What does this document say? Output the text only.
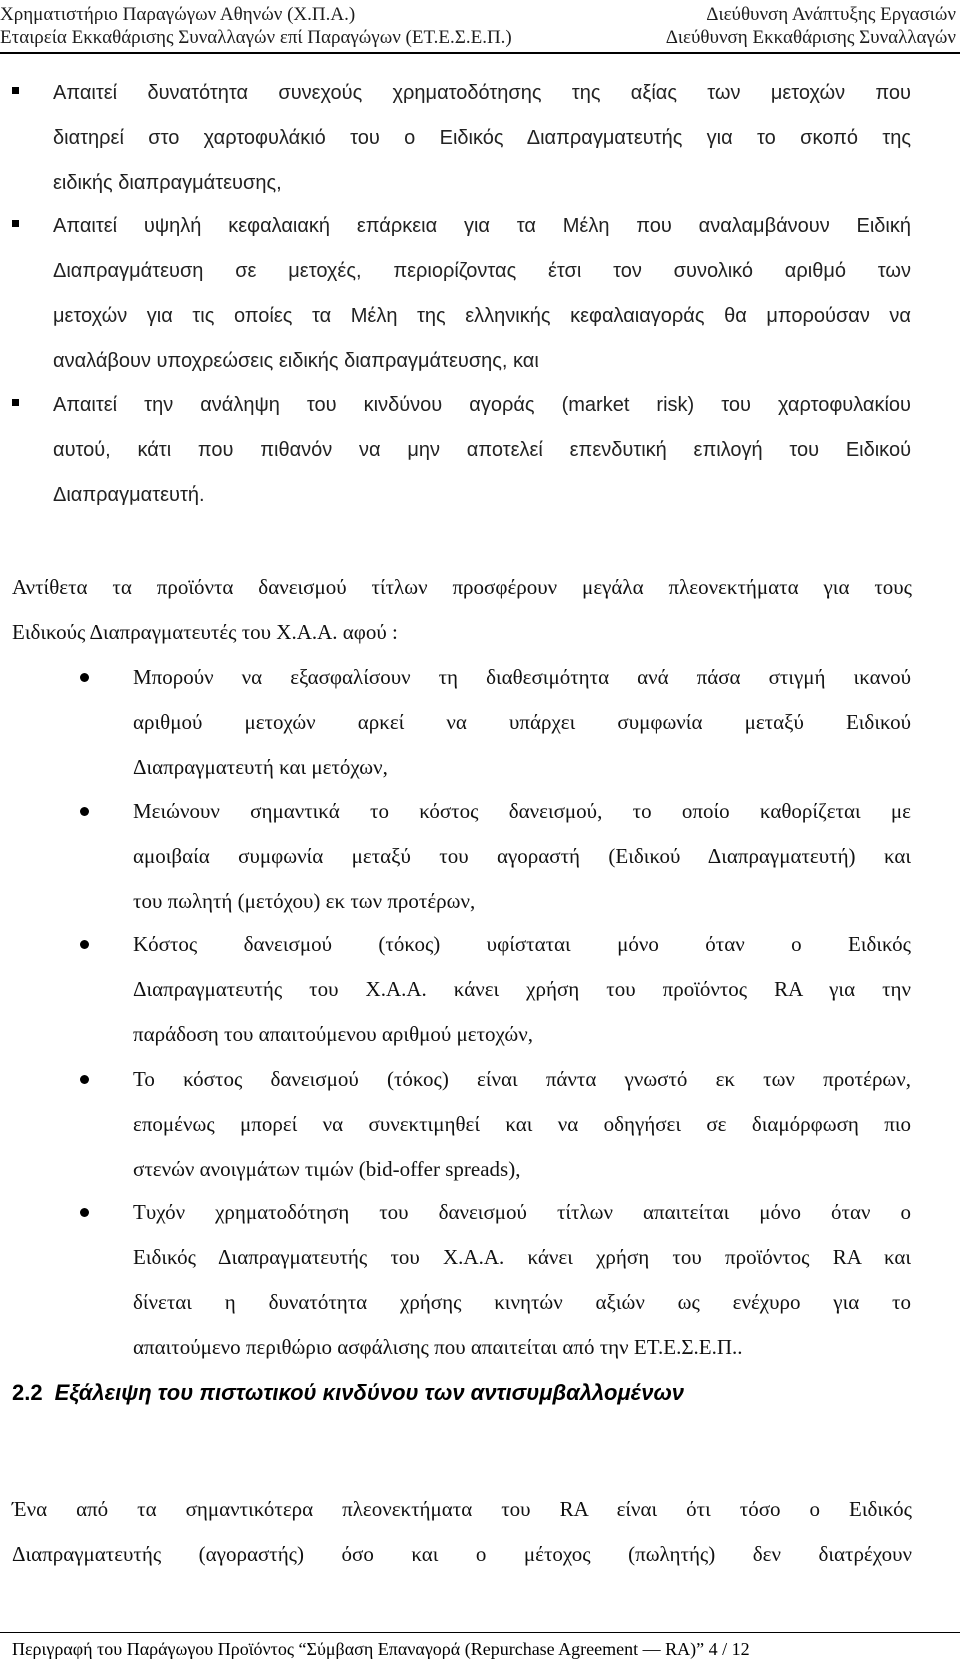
Χρηματιστήριο Παραγώγων Αθηνών (Χ.Π.Α.)	Διεύθυνση Ανάπτυξης Εργασιών
Εταιρεία Εκκαθάρισης Συναλλαγών επί Παραγώγων (ΕΤ.Ε.Σ.Ε.Π.)	Διεύθυνση Εκκαθάρισης Συναλλαγών
Απαιτεί δυνατότητα συνεχούς χρηματοδότησης της αξίας των μετοχών που
διατηρεί στο χαρτοφυλάκιό του ο Ειδικός Διαπραγματευτής για το σκοπό της
ειδικής διαπραγμάτευσης,
Απαιτεί υψηλή κεφαλαιακή επάρκεια για τα Μέλη που αναλαμβάνουν Ειδική
Διαπραγμάτευση σε μετοχές, περιορίζοντας έτσι τον συνολικό αριθμό των
μετοχών για τις οποίες τα Μέλη της ελληνικής κεφαλαιαγοράς θα μπορούσαν να
αναλάβουν υποχρεώσεις ειδικής διαπραγμάτευσης, και
Απαιτεί την ανάληψη του κινδύνου αγοράς (market risk) του χαρτοφυλακίου
αυτού, κάτι που πιθανόν να μην αποτελεί επενδυτική επιλογή του Ειδικού
Διαπραγματευτή.
Αντίθετα τα προϊόντα δανεισμού τίτλων προσφέρουν μεγάλα πλεονεκτήματα για τους
Ειδικούς Διαπραγματευτές του Χ.Α.Α. αφού :
Μπορούν να εξασφαλίσουν τη διαθεσιμότητα ανά πάσα στιγμή ικανού
αριθμού μετοχών αρκεί να υπάρχει συμφωνία μεταξύ Ειδικού
Διαπραγματευτή και μετόχων,
Μειώνουν σημαντικά το κόστος δανεισμού, το οποίο καθορίζεται με
αμοιβαία συμφωνία μεταξύ του αγοραστή (Ειδικού Διαπραγματευτή) και
του πωλητή (μετόχου) εκ των προτέρων,
Κόστος δανεισμού (τόκος) υφίσταται μόνο όταν ο Ειδικός
Διαπραγματευτής του Χ.Α.Α. κάνει χρήση του προϊόντος RA για την
παράδοση του απαιτούμενου αριθμού μετοχών,
Το κόστος δανεισμού (τόκος) είναι πάντα γνωστό εκ των προτέρων,
επομένως μπορεί να συνεκτιμηθεί και να οδηγήσει σε διαμόρφωση πιο
στενών ανοιγμάτων τιμών (bid-offer spreads),
Τυχόν χρηματοδότηση του δανεισμού τίτλων απαιτείται μόνο όταν ο
Ειδικός Διαπραγματευτής του Χ.Α.Α. κάνει χρήση του προϊόντος RA και
δίνεται η δυνατότητα χρήσης κινητών αξιών ως ενέχυρο για το
απαιτούμενο περιθώριο ασφάλισης που απαιτείται από την ΕΤ.Ε.Σ.Ε.Π..
2.2 Εξάλειψη του πιστωτικού κινδύνου των αντισυμβαλλομένων
Ένα από τα σημαντικότερα πλεονεκτήματα του RA είναι ότι τόσο ο Ειδικός
Διαπραγματευτής (αγοραστής) όσο και ο μέτοχος (πωλητής) δεν διατρέχουν
Περιγραφή του Παράγωγου Προϊόντος “Σύμβαση Επαναγορά (Repurchase Agreement — RA)” 4 / 12
